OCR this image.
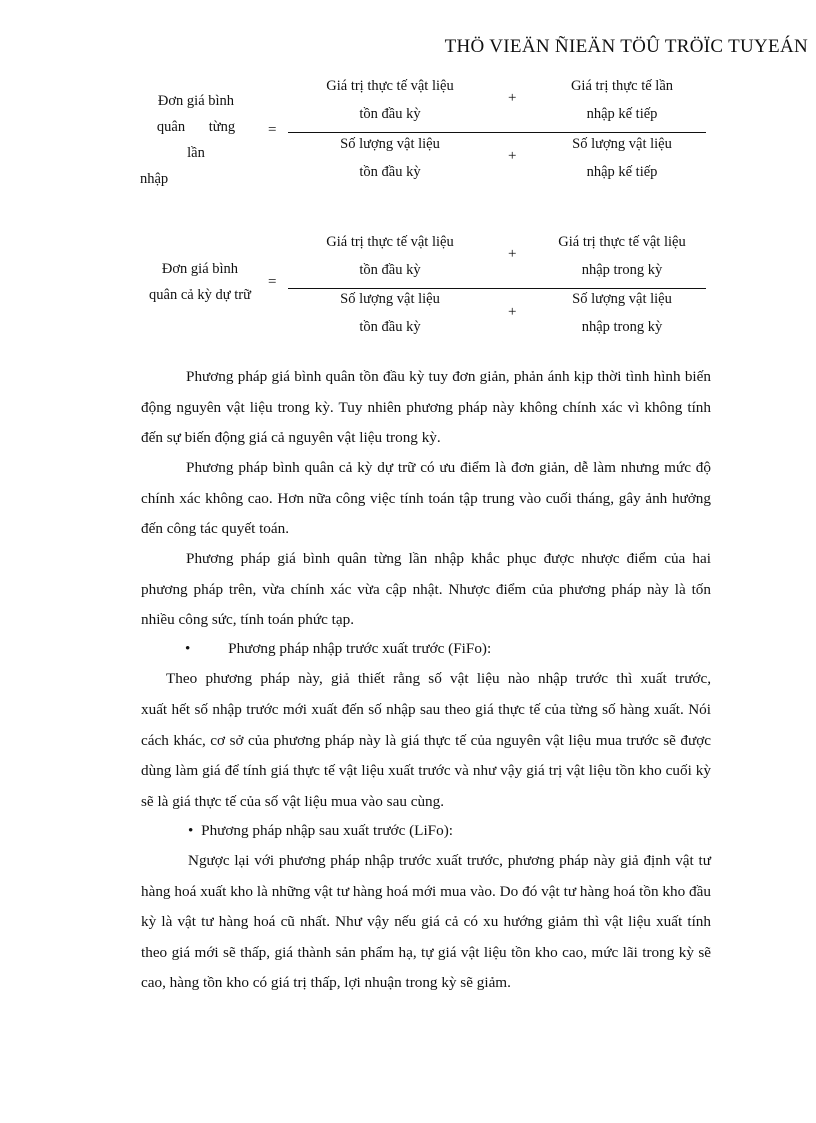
THÖ VIEÄN ÑIEÄN TÖÛ TRÖÏC TUYEÁN
Đơn giá bình
quân từng lần
nhập
=
Giá trị thực tế vật liệu
tồn đầu kỳ
+
Giá trị thực tế lần
nhập kế tiếp
Số lượng vật liệu
tồn đầu kỳ
+
Số lượng vật liệu
nhập kế tiếp
Đơn giá bình
quân cả kỳ dự trữ
=
Giá trị thực tế vật liệu
tồn đầu kỳ
+
Giá trị thực tế vật liệu
nhập trong kỳ
Số lượng vật liệu
tồn đầu kỳ
+
Số lượng vật liệu
nhập trong kỳ
Phương pháp giá bình quân tồn đầu kỳ tuy đơn giản, phản ánh kịp thời tình hình biến động nguyên vật liệu trong kỳ. Tuy nhiên phương pháp này không chính xác vì không tính đến sự biến động giá cả nguyên vật liệu trong kỳ.
Phương pháp bình quân cả kỳ dự trữ có ưu điểm là đơn giản, dễ làm nhưng mức độ chính xác không cao. Hơn nữa công việc tính toán tập trung vào cuối tháng, gây ảnh hưởng đến công tác quyết toán.
Phương pháp giá bình quân từng lần nhập khắc phục được nhược điểm của hai phương pháp trên, vừa chính xác vừa cập nhật. Nhược điểm của phương pháp này là tốn nhiều công sức, tính toán phức tạp.
• Phương pháp nhập trước xuất trước (FiFo):
Theo phương pháp này, giả thiết rằng số vật liệu nào nhập trước thì xuất trước,
xuất hết số nhập trước mới xuất đến số nhập sau theo giá thực tế của từng số hàng xuất. Nói cách khác, cơ sở của phương pháp này là giá thực tế của nguyên vật liệu mua trước sẽ được dùng làm giá để tính giá thực tế vật liệu xuất trước và như vậy giá trị vật liệu tồn kho cuối kỳ sẽ là giá thực tế của số vật liệu mua vào sau cùng.
• Phương pháp nhập sau xuất trước (LiFo):
Ngược lại với phương pháp nhập trước xuất trước, phương pháp này giả định vật tư hàng hoá xuất kho là những vật tư hàng hoá mới mua vào. Do đó vật tư hàng hoá tồn kho đầu kỳ là vật tư hàng hoá cũ nhất. Như vậy nếu giá cả có xu hướng giảm thì vật liệu xuất tính theo giá mới sẽ thấp, giá thành sản phẩm hạ, tự giá vật liệu tồn kho cao, mức lãi trong kỳ sẽ cao, hàng tồn kho có giá trị thấp, lợi nhuận trong kỳ sẽ giảm.
